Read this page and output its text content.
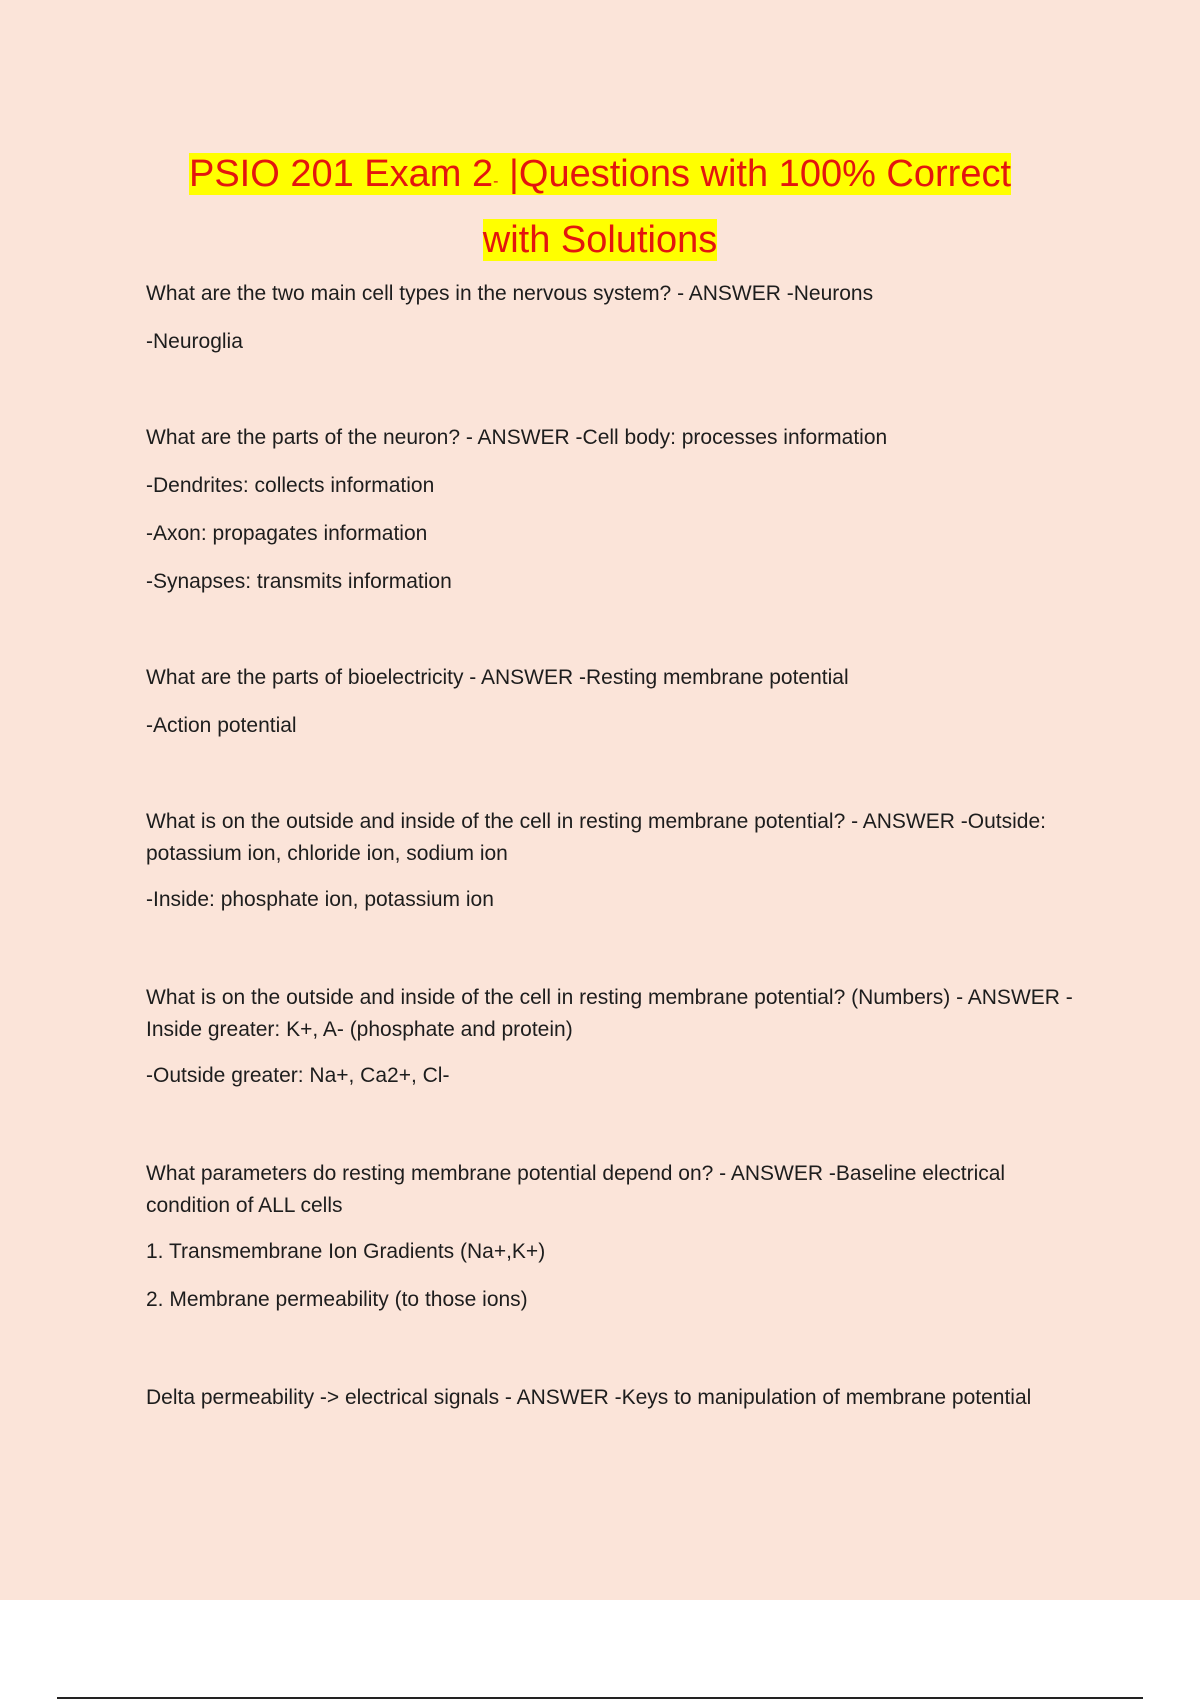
PSIO 201 Exam 2- |Questions with 100% Correct
with Solutions

What are the two main cell types in the nervous system? - ANSWER -Neurons

-Neuroglia

What are the parts of the neuron? - ANSWER -Cell body: processes information

-Dendrites: collects information

-Axon: propagates information

-Synapses: transmits information

What are the parts of bioelectricity - ANSWER -Resting membrane potential

-Action potential

What is on the outside and inside of the cell in resting membrane potential? - ANSWER -Outside: potassium ion, chloride ion, sodium ion

-Inside: phosphate ion, potassium ion

What is on the outside and inside of the cell in resting membrane potential? (Numbers) - ANSWER -Inside greater: K+, A- (phosphate and protein)

-Outside greater: Na+, Ca2+, Cl-

What parameters do resting membrane potential depend on? - ANSWER -Baseline electrical condition of ALL cells

1. Transmembrane Ion Gradients (Na+,K+)

2. Membrane permeability (to those ions)

Delta permeability -> electrical signals - ANSWER -Keys to manipulation of membrane potential
